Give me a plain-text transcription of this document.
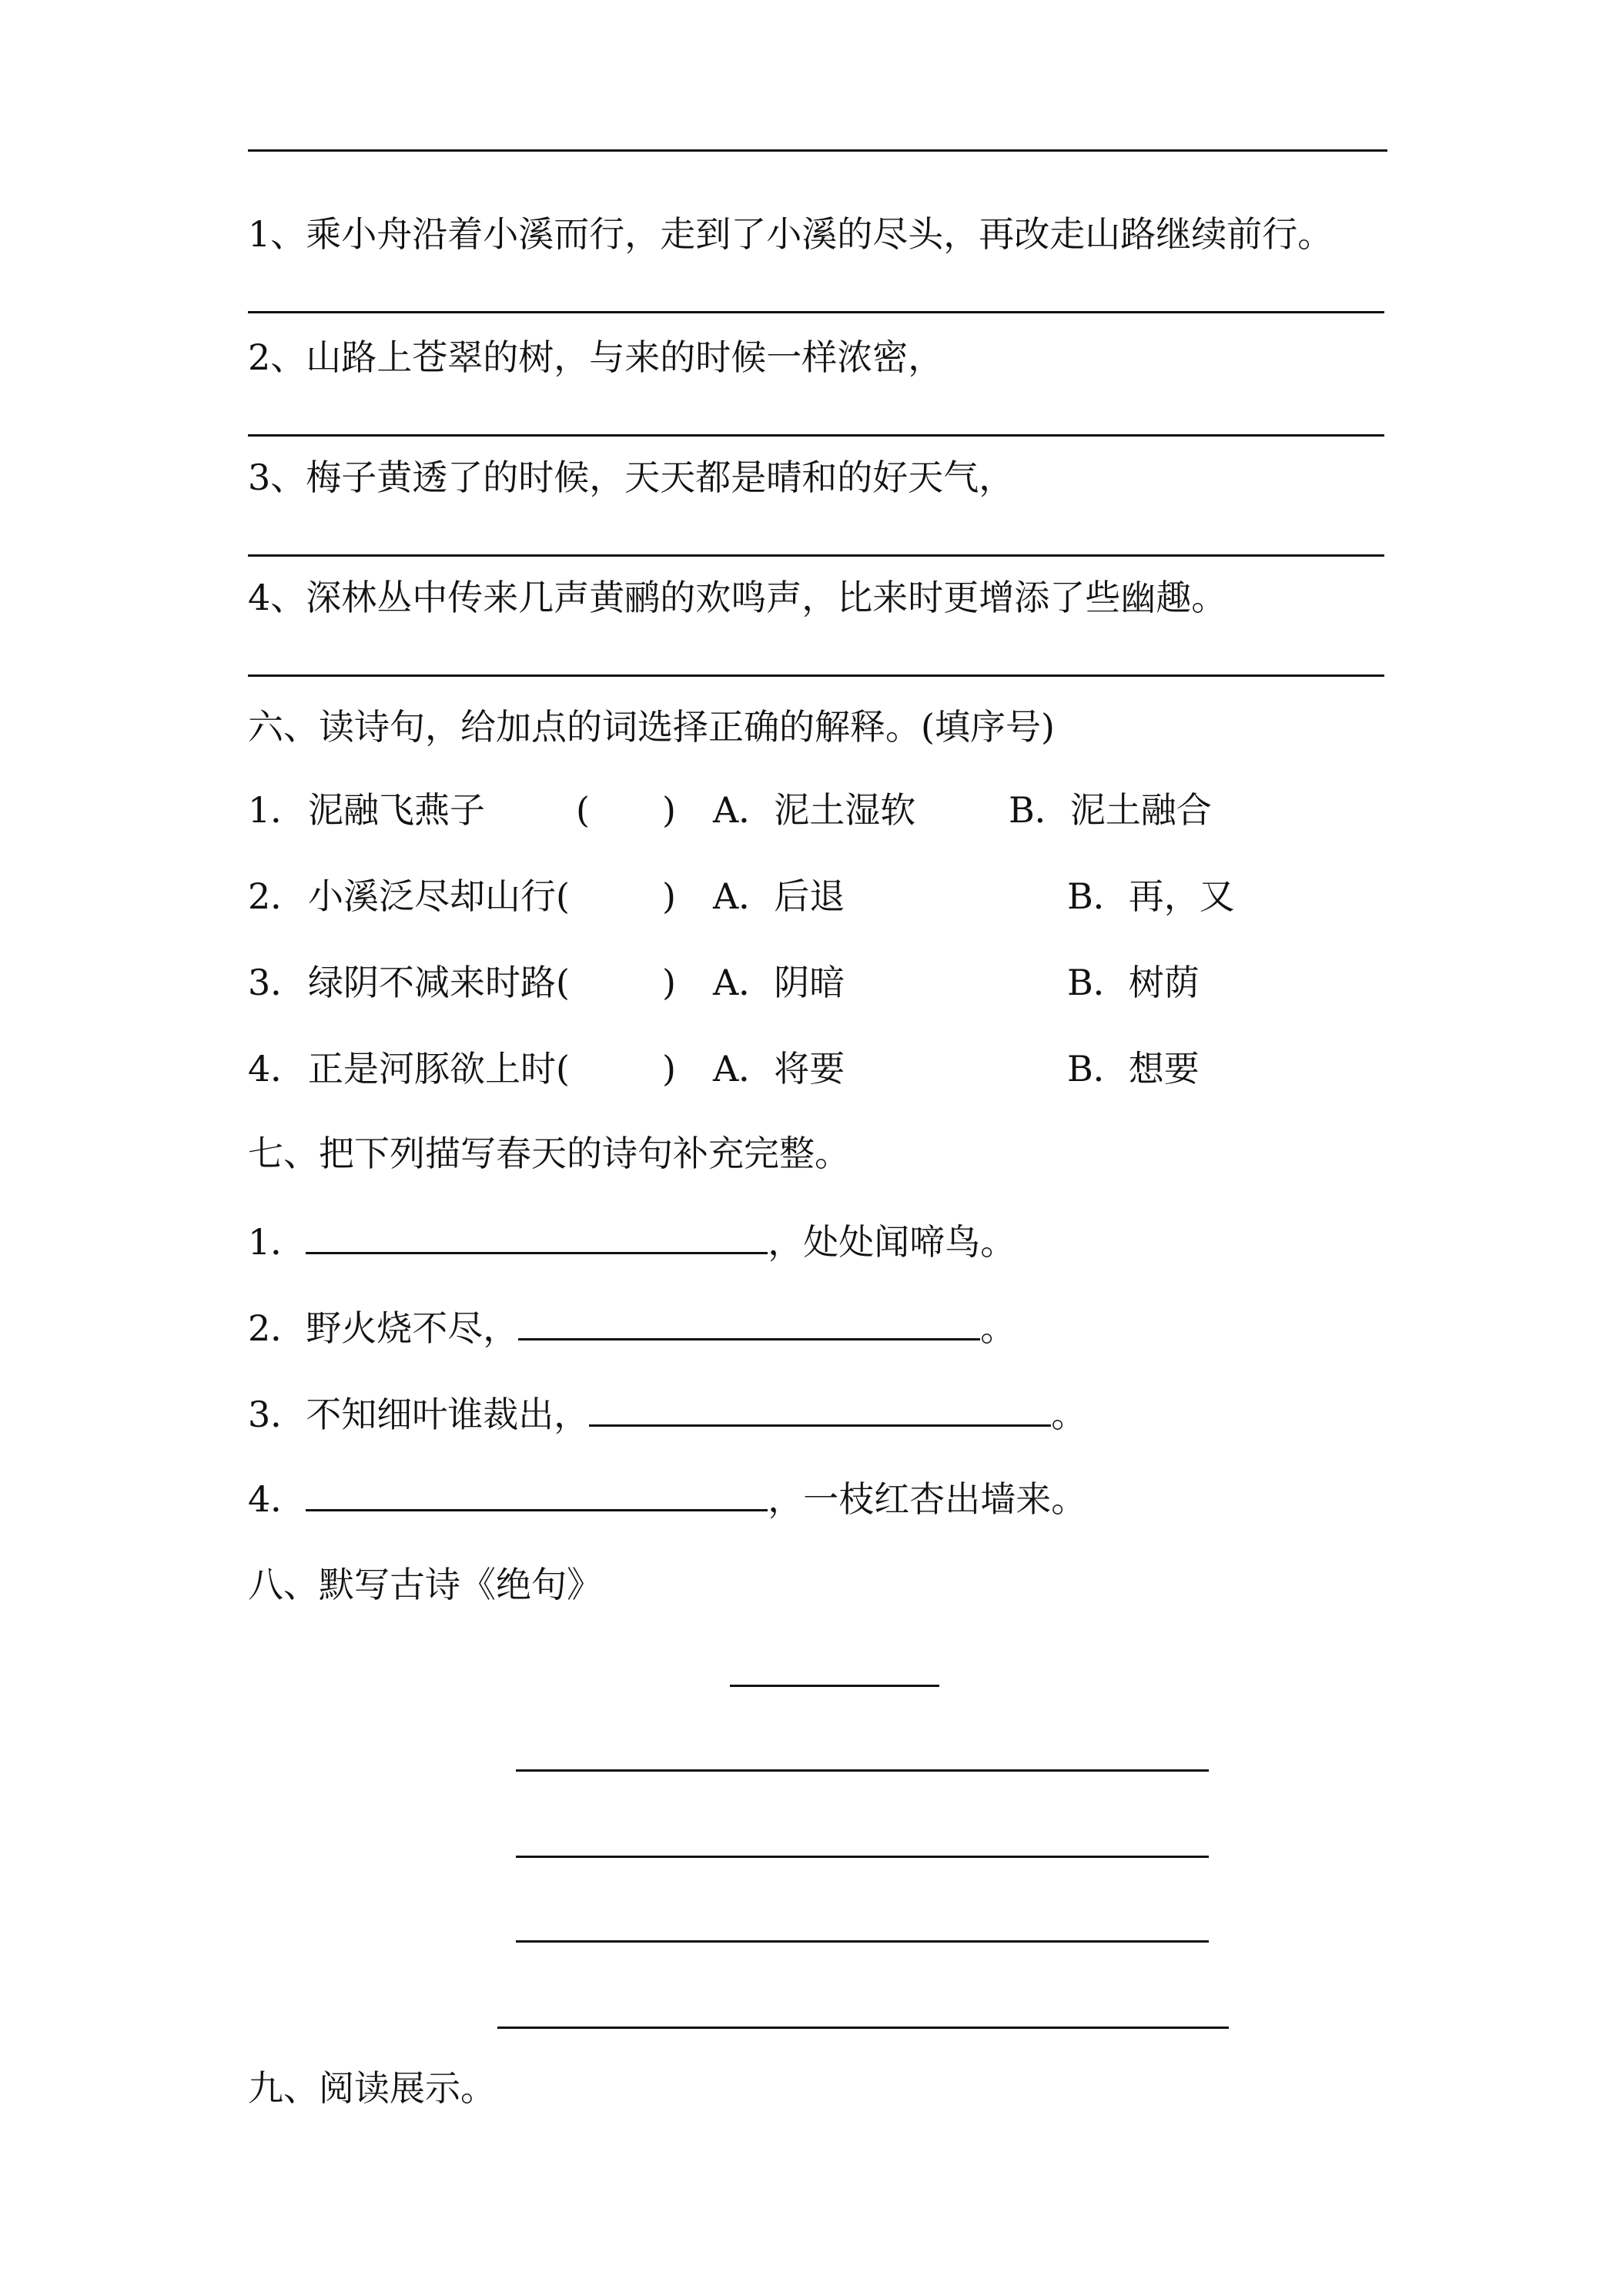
1、乘小舟沿着小溪而行，走到了小溪的尽头，再改走山路继续前行。
2、山路上苍翠的树，与来的时候一样浓密，
3、梅子黄透了的时候，天天都是晴和的好天气，
4、深林丛中传来几声黄鹂的欢鸣声，比来时更增添了些幽趣。
六、读诗句，给加点的词选择正确的解释。(填序号)
1． 泥融飞燕子	( ) A．泥土湿软	B．泥土融合
2． 小溪泛尽却山行(	) A．后退	B．再，又
3． 绿阴不减来时路(	) A．阴暗	B．树荫
4． 正是河豚欲上时(	) A．将要	B．想要
七、把下列描写春天的诗句补充完整。
1．	，处处闻啼鸟。
2．野火烧不尽，	。
3．不知细叶谁裁出，	。
4．	，一枝红杏出墙来。
八、默写古诗《绝句》
九、阅读展示。
